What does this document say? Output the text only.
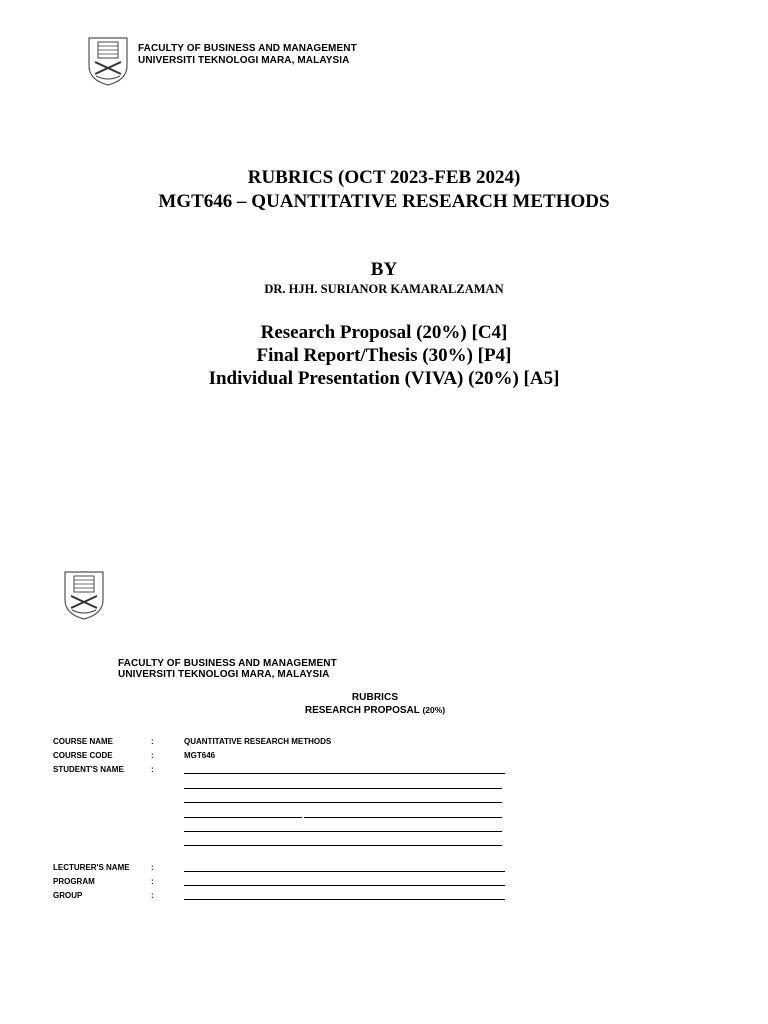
FACULTY OF BUSINESS AND MANAGEMENT
UNIVERSITI TEKNOLOGI MARA, MALAYSIA
RUBRICS (OCT 2023-FEB 2024)
MGT646 – QUANTITATIVE RESEARCH METHODS
BY
DR. HJH. SURIANOR KAMARALZAMAN
Research Proposal (20%) [C4]
Final Report/Thesis (30%) [P4]
Individual Presentation (VIVA) (20%) [A5]
FACULTY OF BUSINESS AND MANAGEMENT
UNIVERSITI TEKNOLOGI MARA, MALAYSIA
RUBRICS
RESEARCH PROPOSAL (20%)
COURSE NAME	:	QUANTITATIVE RESEARCH METHODS
COURSE CODE	:	MGT646
STUDENT'S NAME	:
LECTURER'S NAME	:
PROGRAM	:
GROUP	:
